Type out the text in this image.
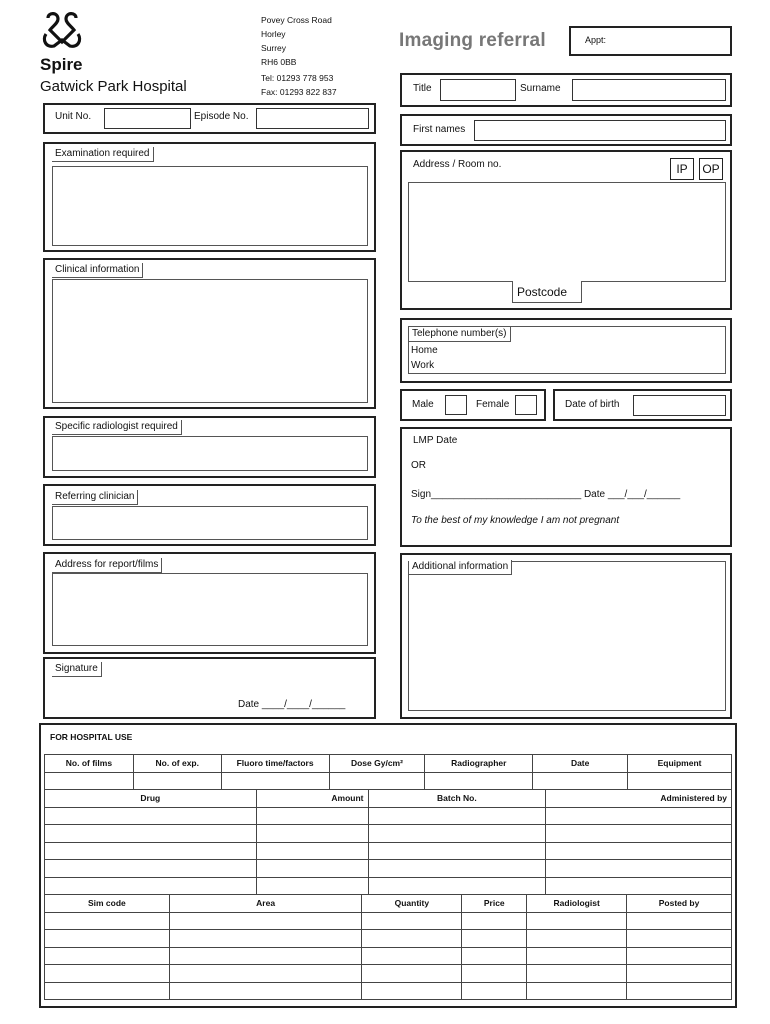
Spire
Gatwick Park Hospital
Povey Cross Road
Horley
Surrey
RH6 0BB
Tel: 01293 778 953
Fax: 01293 822 837
Imaging referral	Appt:
Unit No.	Episode No.
Examination required
Clinical information
Specific radiologist required
Referring clinician
Address for report/films
Signature
Date ____/____/______
Title	Surname
First names
Address / Room no.	IP	OP
Postcode
Telephone number(s)
Home
Work
Male	Female	Date of birth
LMP Date
OR
Sign___________________________ Date ___/___/______
To the best of my knowledge I am not pregnant
Additional information
FOR HOSPITAL USE
No. of films	No. of exp.	Fluoro time/factors	Dose Gy/cm²	Radiographer	Date	Equipment

Drug	Amount	Batch No.	Administered by

Sim code	Area	Quantity	Price	Radiologist	Posted by
